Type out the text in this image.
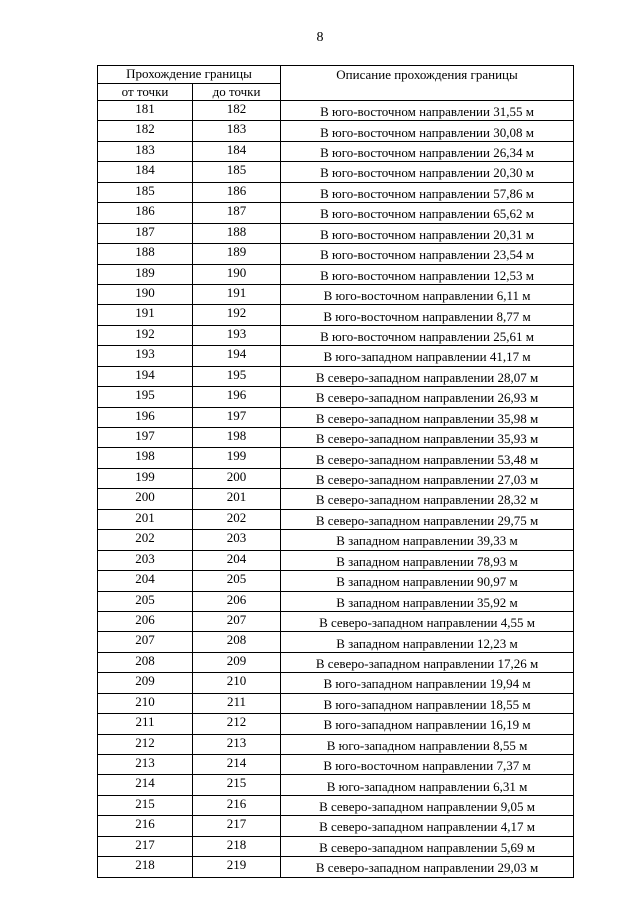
8
Прохождение границы		Описание прохождения границы
от точки	до точки	
181	182	В юго-восточном направлении 31,55 м
182	183	В юго-восточном направлении 30,08 м
183	184	В юго-восточном направлении 26,34 м
184	185	В юго-восточном направлении 20,30 м
185	186	В юго-восточном направлении 57,86 м
186	187	В юго-восточном направлении 65,62 м
187	188	В юго-восточном направлении 20,31 м
188	189	В юго-восточном направлении 23,54 м
189	190	В юго-восточном направлении 12,53 м
190	191	В юго-восточном направлении 6,11 м
191	192	В юго-восточном направлении 8,77 м
192	193	В юго-восточном направлении 25,61 м
193	194	В юго-западном направлении 41,17 м
194	195	В северо-западном направлении 28,07 м
195	196	В северо-западном направлении 26,93 м
196	197	В северо-западном направлении 35,98 м
197	198	В северо-западном направлении 35,93 м
198	199	В северо-западном направлении 53,48 м
199	200	В северо-западном направлении 27,03 м
200	201	В северо-западном направлении 28,32 м
201	202	В северо-западном направлении 29,75 м
202	203	В западном направлении 39,33 м
203	204	В западном направлении 78,93 м
204	205	В западном направлении 90,97 м
205	206	В западном направлении 35,92 м
206	207	В северо-западном направлении 4,55 м
207	208	В западном направлении 12,23 м
208	209	В северо-западном направлении 17,26 м
209	210	В юго-западном направлении 19,94 м
210	211	В юго-западном направлении 18,55 м
211	212	В юго-западном направлении 16,19 м
212	213	В юго-западном направлении 8,55 м
213	214	В юго-восточном направлении 7,37 м
214	215	В юго-западном направлении 6,31 м
215	216	В северо-западном направлении 9,05 м
216	217	В северо-западном направлении 4,17 м
217	218	В северо-западном направлении 5,69 м
218	219	В северо-западном направлении 29,03 м
